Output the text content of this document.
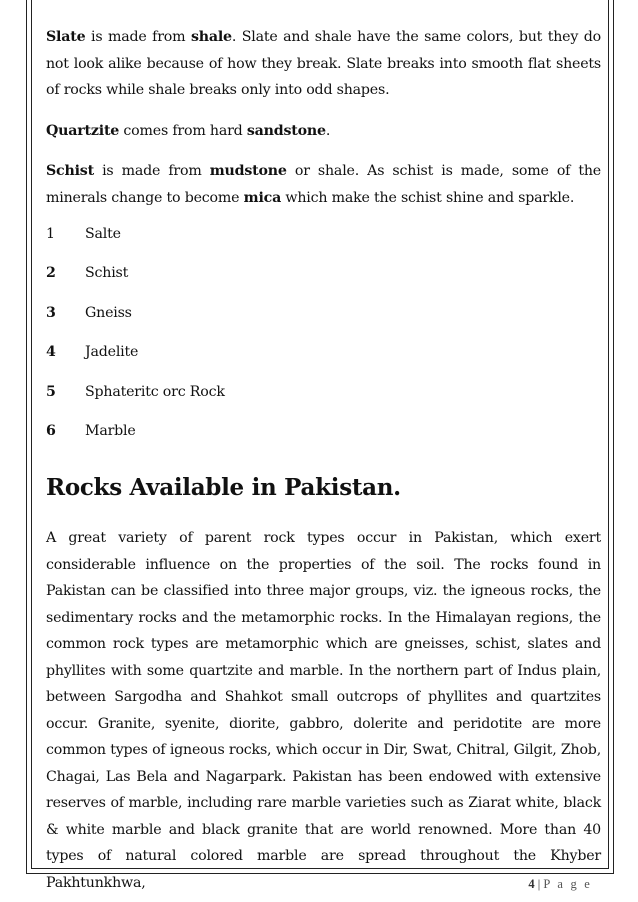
Slate is made from shale. Slate and shale have the same colors, but they do not look alike because of how they break. Slate breaks into smooth flat sheets of rocks while shale breaks only into odd shapes.

Quartzite comes from hard sandstone.

Schist is made from mudstone or shale. As schist is made, some of the minerals change to become mica which make the schist shine and sparkle.

1	Salte
2	Schist
3	Gneiss
4	Jadelite
5	Sphateritc orc Rock
6	Marble
Rocks Available in Pakistan.

A great variety of parent rock types occur in Pakistan, which exert considerable influence on the properties of the soil. The rocks found in Pakistan can be classified into three major groups, viz. the igneous rocks, the sedimentary rocks and the metamorphic rocks. In the Himalayan regions, the common rock types are metamorphic which are gneisses, schist, slates and phyllites with some quartzite and marble. In the northern part of Indus plain, between Sargodha and Shahkot small outcrops of phyllites and quartzites occur. Granite, syenite, diorite, gabbro, dolerite and peridotite are more common types of igneous rocks, which occur in Dir, Swat, Chitral, Gilgit, Zhob, Chagai, Las Bela and Nagarpark. Pakistan has been endowed with extensive reserves of marble, including rare marble varieties such as Ziarat white, black & white marble and black granite that are world renowned. More than 40 types of natural colored marble are spread throughout the Khyber Pakhtunkhwa,	4 | P a g e
